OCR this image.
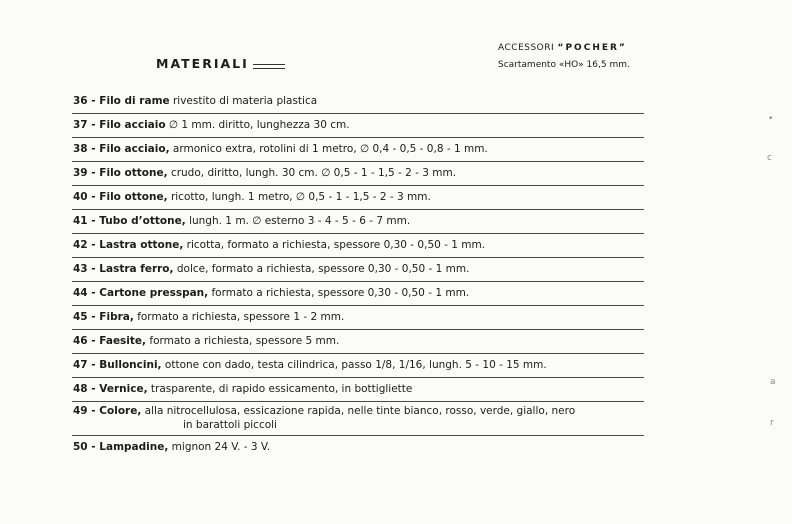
MATERIALI
ACCESSORI “POCHER”
Scartamento «HO» 16,5 mm.
36 - Filo di rame rivestito di materia plastica
37 - Filo acciaio ∅ 1 mm. diritto, lunghezza 30 cm.
38 - Filo acciaio, armonico extra, rotolini di 1 metro, ∅ 0,4 - 0,5 - 0,8 - 1 mm.
39 - Filo ottone, crudo, diritto, lungh. 30 cm. ∅ 0,5 - 1 - 1,5 - 2 - 3 mm.
40 - Filo ottone, ricotto, lungh. 1 metro, ∅ 0,5 - 1 - 1,5 - 2 - 3 mm.
41 - Tubo d’ottone, lungh. 1 m. ∅ esterno 3 - 4 - 5 - 6 - 7 mm.
42 - Lastra ottone, ricotta, formato a richiesta, spessore 0,30 - 0,50 - 1 mm.
43 - Lastra ferro, dolce, formato a richiesta, spessore 0,30 - 0,50 - 1 mm.
44 - Cartone presspan, formato a richiesta, spessore 0,30 - 0,50 - 1 mm.
45 - Fibra, formato a richiesta, spessore 1 - 2 mm.
46 - Faesite, formato a richiesta, spessore 5 mm.
47 - Bulloncini, ottone con dado, testa cilindrica, passo 1/8, 1/16, lungh. 5 - 10 - 15 mm.
48 - Vernice, trasparente, di rapido essicamento, in bottigliette
49 - Colore, alla nitrocellulosa, essicazione rapida, nelle tinte bianco, rosso, verde, giallo, nero
in barattoli piccoli
50 - Lampadine, mignon 24 V. - 3 V.
•
c
a
r
